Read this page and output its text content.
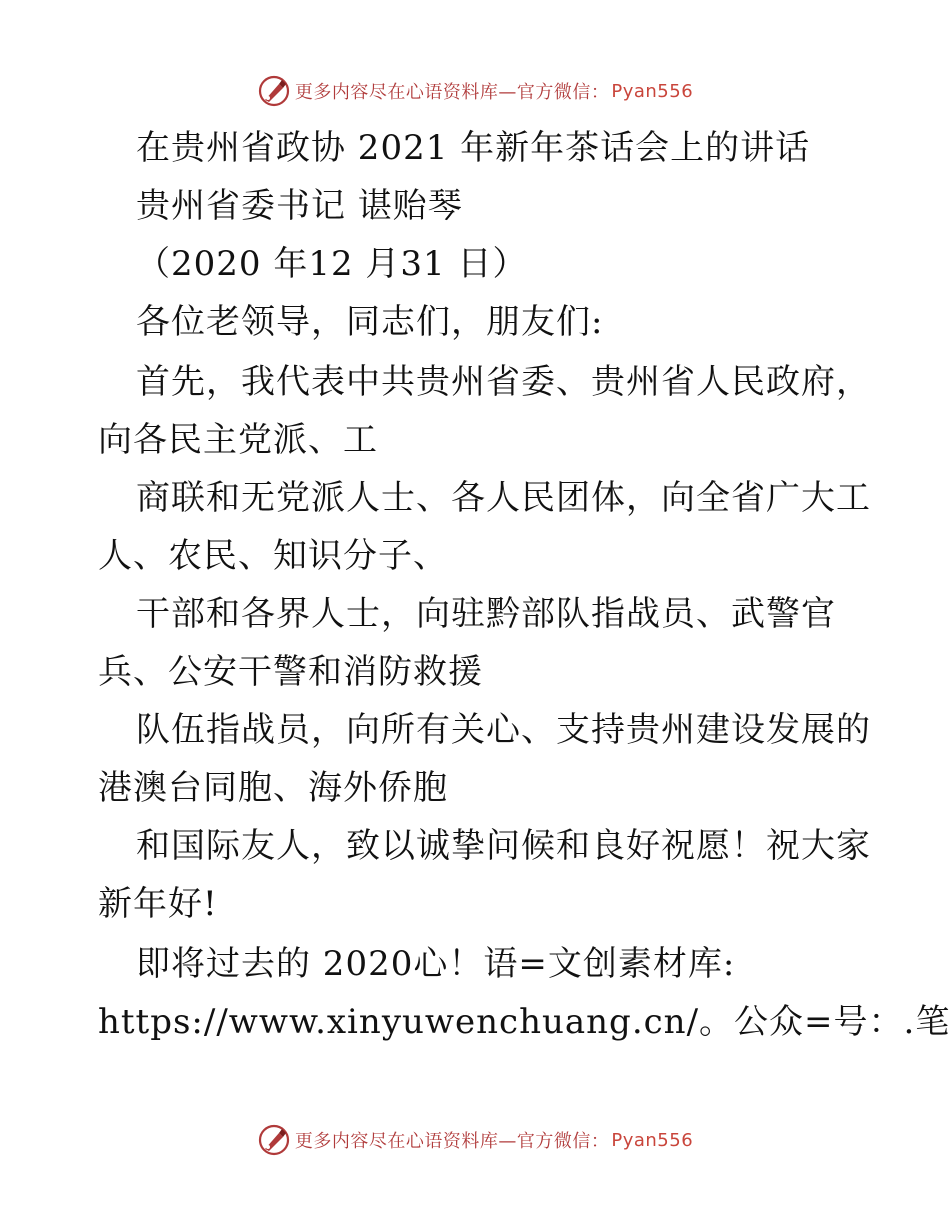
更多内容尽在心语资料库—官方微信： Pyan556
在贵州省政协 2021 年新年茶话会上的讲话
贵州省委书记 谌贻琴
（2020 年12 月31 日）
各位老领导，同志们，朋友们:
首先，我代表中共贵州省委、贵州省人民政府，
向各民主党派、工
商联和无党派人士、各人民团体，向全省广大工
人、农民、知识分子、
干部和各界人士，向驻黔部队指战员、武警官
兵、公安干警和消防救援
队伍指战员，向所有关心、支持贵州建设发展的
港澳台同胞、海外侨胞
和国际友人，致以诚挚问候和良好祝愿！祝大家
新年好!
即将过去的 2020心！语=文创素材库:
https://www.xinyuwenchuang.cn/。公众=号：.笔
更多内容尽在心语资料库—官方微信： Pyan556
